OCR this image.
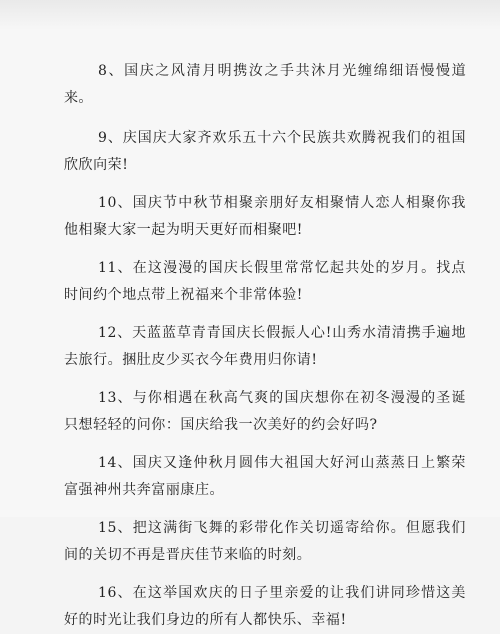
8、国庆之风清月明携汝之手共沐月光缠绵细语慢慢道来。

9、庆国庆大家齐欢乐五十六个民族共欢腾祝我们的祖国欣欣向荣!

10、国庆节中秋节相聚亲朋好友相聚情人恋人相聚你我他相聚大家一起为明天更好而相聚吧!

11、在这漫漫的国庆长假里常常忆起共处的岁月。找点时间约个地点带上祝福来个非常体验!

12、天蓝蓝草青青国庆长假振人心!山秀水清清携手遍地去旅行。捆肚皮少买衣今年费用归你请!

13、与你相遇在秋高气爽的国庆想你在初冬漫漫的圣诞只想轻轻的问你：国庆给我一次美好的约会好吗?

14、国庆又逢仲秋月圆伟大祖国大好河山蒸蒸日上繁荣富强神州共奔富丽康庄。

15、把这满街飞舞的彩带化作关切遥寄给你。但愿我们间的关切不再是晋庆佳节来临的时刻。

16、在这举国欢庆的日子里亲爱的让我们讲同珍惜这美好的时光让我们身边的所有人都快乐、幸福!
